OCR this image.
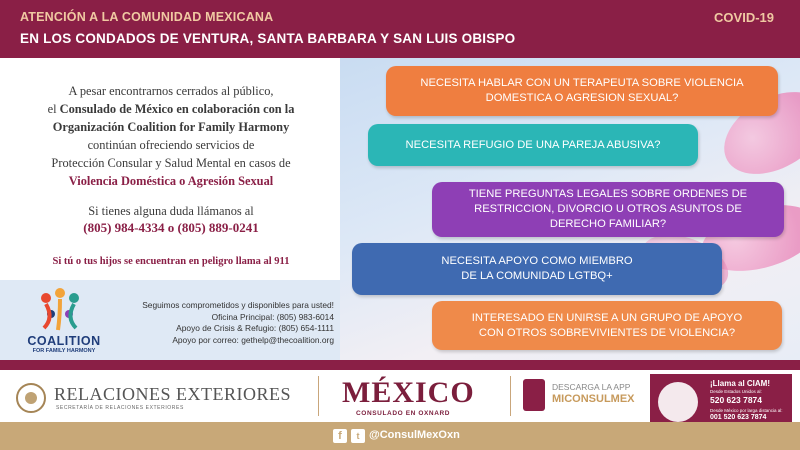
ATENCIÓN A LA COMUNIDAD MEXICANA
EN LOS CONDADOS DE VENTURA, SANTA BARBARA Y SAN LUIS OBISPO
COVID-19
A pesar encontrarnos cerrados al público,
el Consulado de México en colaboración con la
Organización Coalition for Family Harmony
continúan ofreciendo servicios de
Protección Consular y Salud Mental en casos de
Violencia Doméstica o Agresión Sexual
Si tienes alguna duda llámanos al
(805) 984-4334 o (805) 889-0241
Si tú o tus hijos se encuentran en peligro llama al 911
COALITION
FOR FAMILY HARMONY
Seguimos comprometidos y disponibles para usted!
Oficina Principal: (805) 983-6014
Apoyo de Crisis & Refugio: (805) 654-1111
Apoyo por correo: gethelp@thecoalition.org
NECESITA HABLAR CON UN TERAPEUTA SOBRE VIOLENCIA
DOMESTICA O AGRESION SEXUAL?
NECESITA REFUGIO DE UNA PAREJA ABUSIVA?
TIENE PREGUNTAS LEGALES SOBRE ORDENES DE
RESTRICCION, DIVORCIO U OTROS ASUNTOS DE
DERECHO FAMILIAR?
NECESITA APOYO COMO MIEMBRO
DE LA COMUNIDAD LGTBQ+
INTERESADO EN UNIRSE A UN GRUPO DE APOYO
CON OTROS SOBREVIVIENTES DE VIOLENCIA?
RELACIONES EXTERIORES
SECRETARÍA DE RELACIONES EXTERIORES	MÉXICO
CONSULADO EN OXNARD
DESCARGA LA APP
MICONSULMEX
¡Llama al CIAM!
Desde Estados Unidos al:
520 623 7874
Desde México por larga distancia al:
001 520 623 7874
f	t @ConsulMexOxn
